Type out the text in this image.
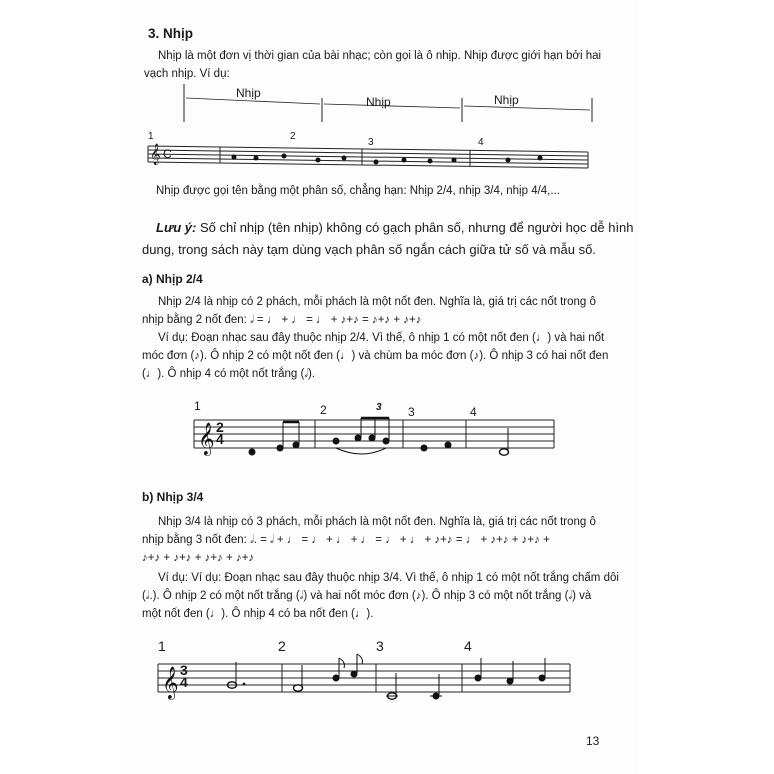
3. Nhịp
Nhịp là một đơn vị thời gian của bài nhạc; còn gọi là ô nhịp. Nhịp được giới hạn bởi hai
vạch nhịp. Ví dụ:
Nhịp
Nhịp	Nhịp
𝄞 C
1	2
3	4
Nhịp được gọi tên bằng một phân số, chẳng hạn: Nhịp 2/4, nhịp 3/4, nhịp 4/4,...
Lưu ý: Số chỉ nhịp (tên nhịp) không có gạch phân số, nhưng để người học dễ hình
dung, trong sách này tạm dùng vạch phân số ngắn cách giữa tử số và mẫu số.
a) Nhịp 2/4
Nhịp 2/4 là nhịp có 2 phách, mỗi phách là một nốt đen. Nghĩa là, giá trị các nốt trong ô
nhịp bằng 2 nốt đen: 𝅗𝅥 = ♩ + ♩ = ♩ + ♪+♪ = ♪+♪ + ♪+♪
Ví dụ: Đoạn nhạc sau đây thuộc nhịp 2/4. Vì thế, ô nhịp 1 có một nốt đen (♩) và hai nốt
móc đơn (♪). Ô nhịp 2 có một nốt đen (♩) và chùm ba móc đơn (♪). Ô nhịp 3 có hai nốt đen
(♩). Ô nhịp 4 có một nốt trắng (𝅗𝅥).
𝄞 2
4
3
1	2	3	4
b) Nhịp 3/4
Nhịp 3/4 là nhịp có 3 phách, mỗi phách là một nốt đen. Nghĩa là, giá trị các nốt trong ô
nhịp bằng 3 nốt đen: 𝅗𝅥. = 𝅗𝅥 + ♩ = ♩ + ♩ + ♩ = ♩ + ♩ + ♪+♪ = ♩ + ♪+♪ + ♪+♪ +
♪+♪ + ♪+♪ + ♪+♪ + ♪+♪
Ví dụ: Ví dụ: Đoạn nhạc sau đây thuộc nhịp 3/4. Vì thế, ô nhịp 1 có một nốt trắng chấm dôi
(𝅗𝅥.). Ô nhịp 2 có một nốt trắng (𝅗𝅥) và hai nốt móc đơn (♪). Ô nhịp 3 có một nốt trắng (𝅗𝅥) và
một nốt đen (♩). Ô nhịp 4 có ba nốt đen (♩).
𝄞 3
4
1	2	3	4
13
